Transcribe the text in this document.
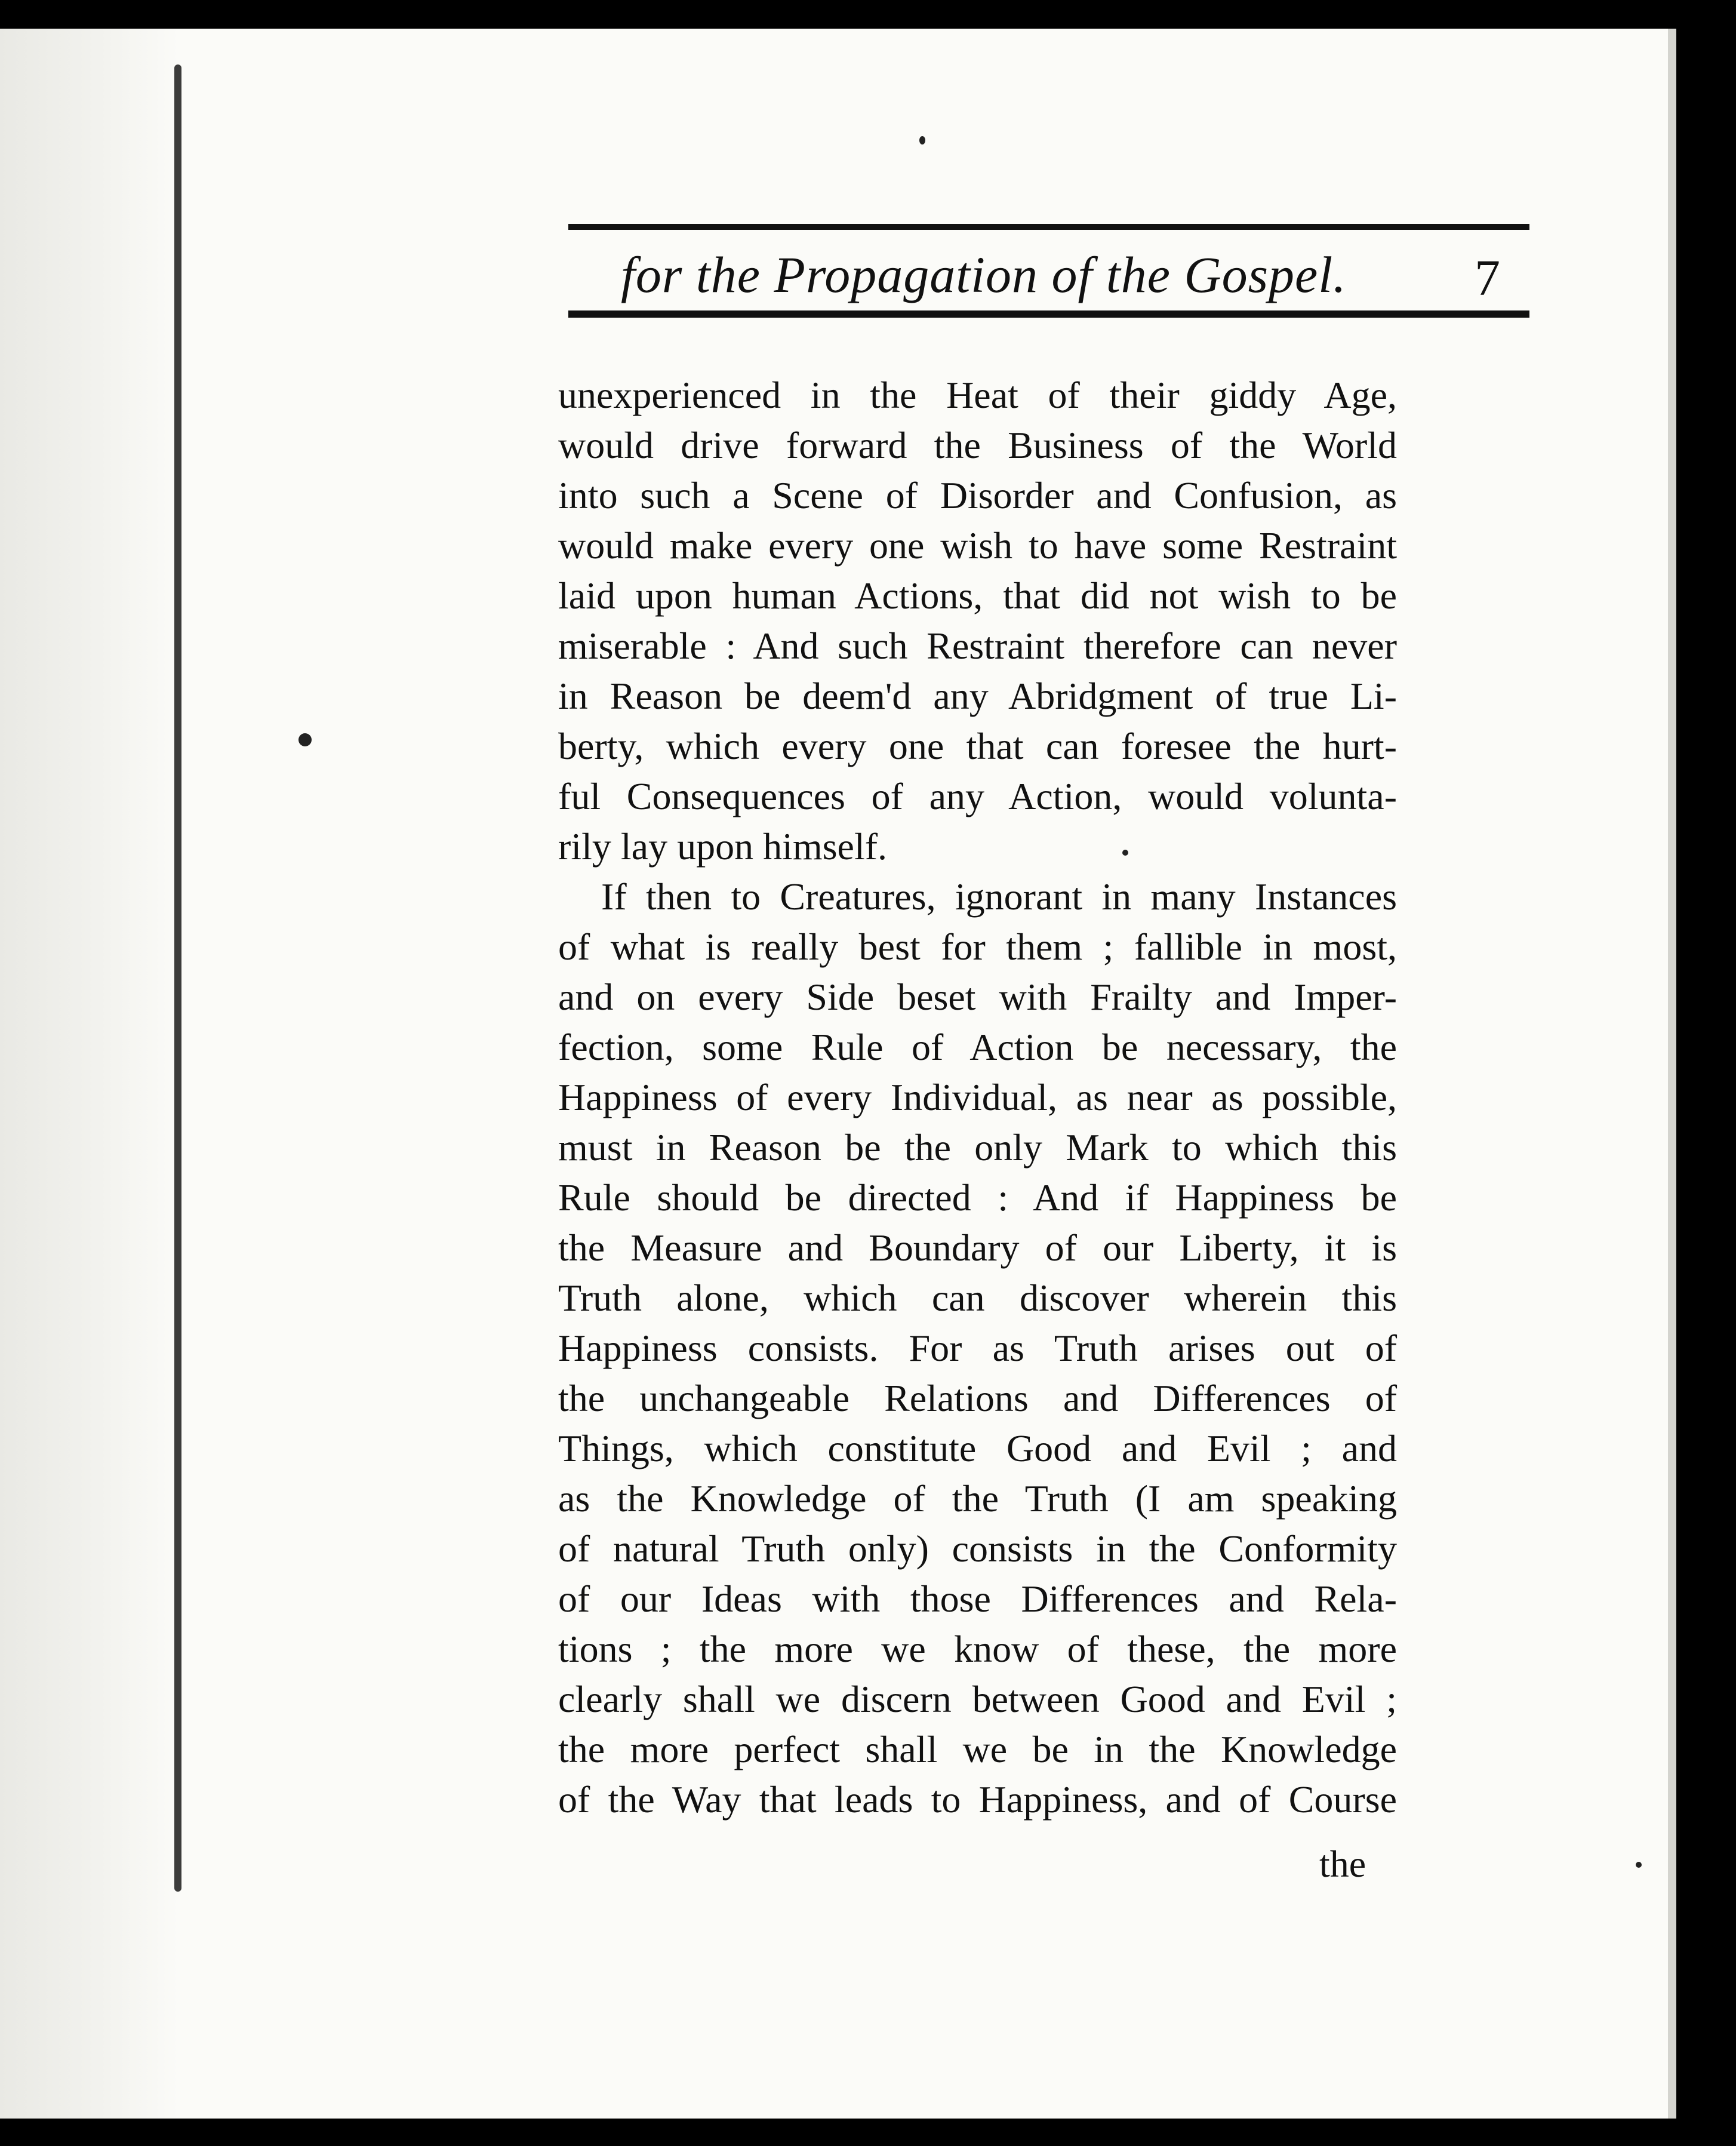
for the Propagation of the Gospel. 7
unexperienced in the Heat of their giddy Age,
would drive forward the Business of the World
into such a Scene of Disorder and Confusion, as
would make every one wish to have some Restraint
laid upon human Actions, that did not wish to be
miserable : And such Restraint therefore can never
in Reason be deem'd any Abridgment of true Li-
berty, which every one that can foresee the hurt-
ful Consequences of any Action, would volunta-
rily lay upon himself.
If then to Creatures, ignorant in many Instances
of what is really best for them ; fallible in most,
and on every Side beset with Frailty and Imper-
fection, some Rule of Action be necessary, the
Happiness of every Individual, as near as possible,
must in Reason be the only Mark to which this
Rule should be directed : And if Happiness be
the Measure and Boundary of our Liberty, it is
Truth alone, which can discover wherein this
Happiness consists. For as Truth arises out of
the unchangeable Relations and Differences of
Things, which constitute Good and Evil ; and
as the Knowledge of the Truth (I am speaking
of natural Truth only) consists in the Conformity
of our Ideas with those Differences and Rela-
tions ; the more we know of these, the more
clearly shall we discern between Good and Evil ;
the more perfect shall we be in the Knowledge
of the Way that leads to Happiness, and of Course
the
